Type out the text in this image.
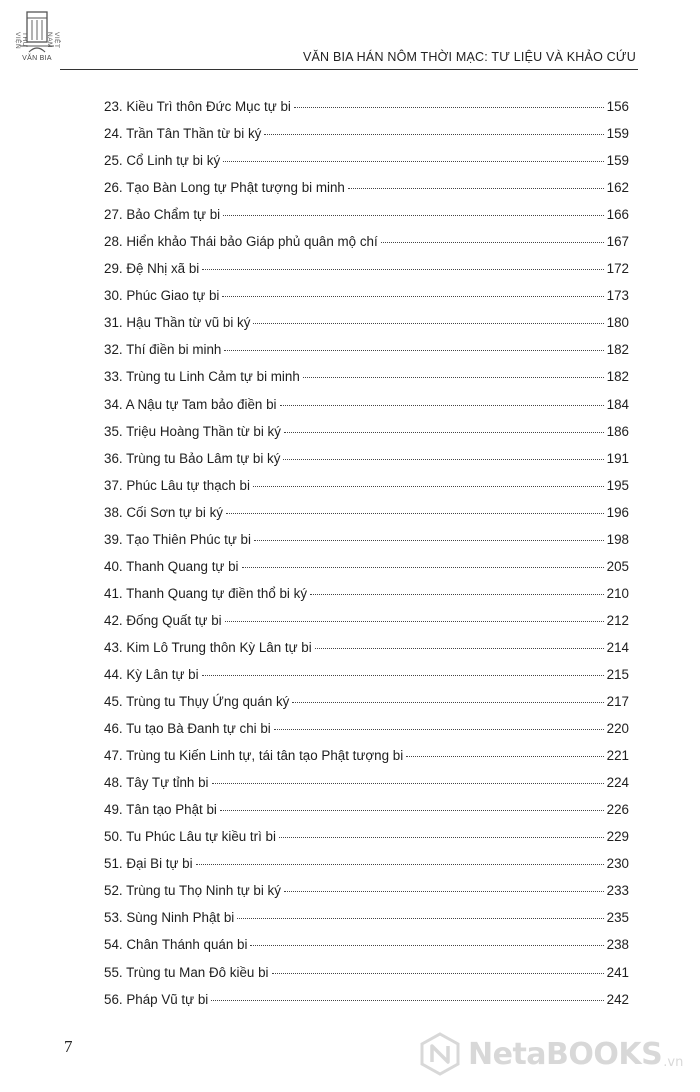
THƯ VIỆN	VIỆT NAM
VĂN BIA	VĂN BIA HÁN NÔM THỜI MẠC: TƯ LIỆU VÀ KHẢO CỨU
23. Kiều Trì thôn Đức Mục tự bi	156
24. Trần Tân Thần từ bi ký	159
25. Cổ Linh tự bi ký	159
26. Tạo Bàn Long tự Phật tượng bi minh	162
27. Bảo Chẩm tự bi	166
28. Hiển khảo Thái bảo Giáp phủ quân mộ chí	167
29. Đệ Nhị xã bi	172
30. Phúc Giao tự bi	173
31. Hậu Thần từ vũ bi ký	180
32. Thí điền bi minh	182
33. Trùng tu Linh Cảm tự bi minh	182
34. A Nậu tự Tam bảo điền bi	184
35. Triệu Hoàng Thần từ bi ký	186
36. Trùng tu Bảo Lâm tự bi ký	191
37. Phúc Lâu tự thạch bi	195
38. Cối Sơn tự bi ký	196
39. Tạo Thiên Phúc tự bi	198
40. Thanh Quang tự bi	205
41. Thanh Quang tự điền thổ bi ký	210
42. Đống Quất tự bi	212
43. Kim Lô Trung thôn Kỳ Lân tự bi	214
44. Kỳ Lân tự bi	215
45. Trùng tu Thụy Ứng quán ký	217
46. Tu tạo Bà Đanh tự chi bi	220
47. Trùng tu Kiến Linh tự, tái tân tạo Phật tượng bi	221
48. Tây Tự tỉnh bi	224
49. Tân tạo Phật bi	226
50. Tu Phúc Lâu tự kiều trì bi	229
51. Đại Bi tự bi	230
52. Trùng tu Thọ Ninh tự bi ký	233
53. Sùng Ninh Phật bi	235
54. Chân Thánh quán bi	238
55. Trùng tu Man Đô kiều bi	241
56. Pháp Vũ tự bi	242
7	NetaBOOKS .vn
